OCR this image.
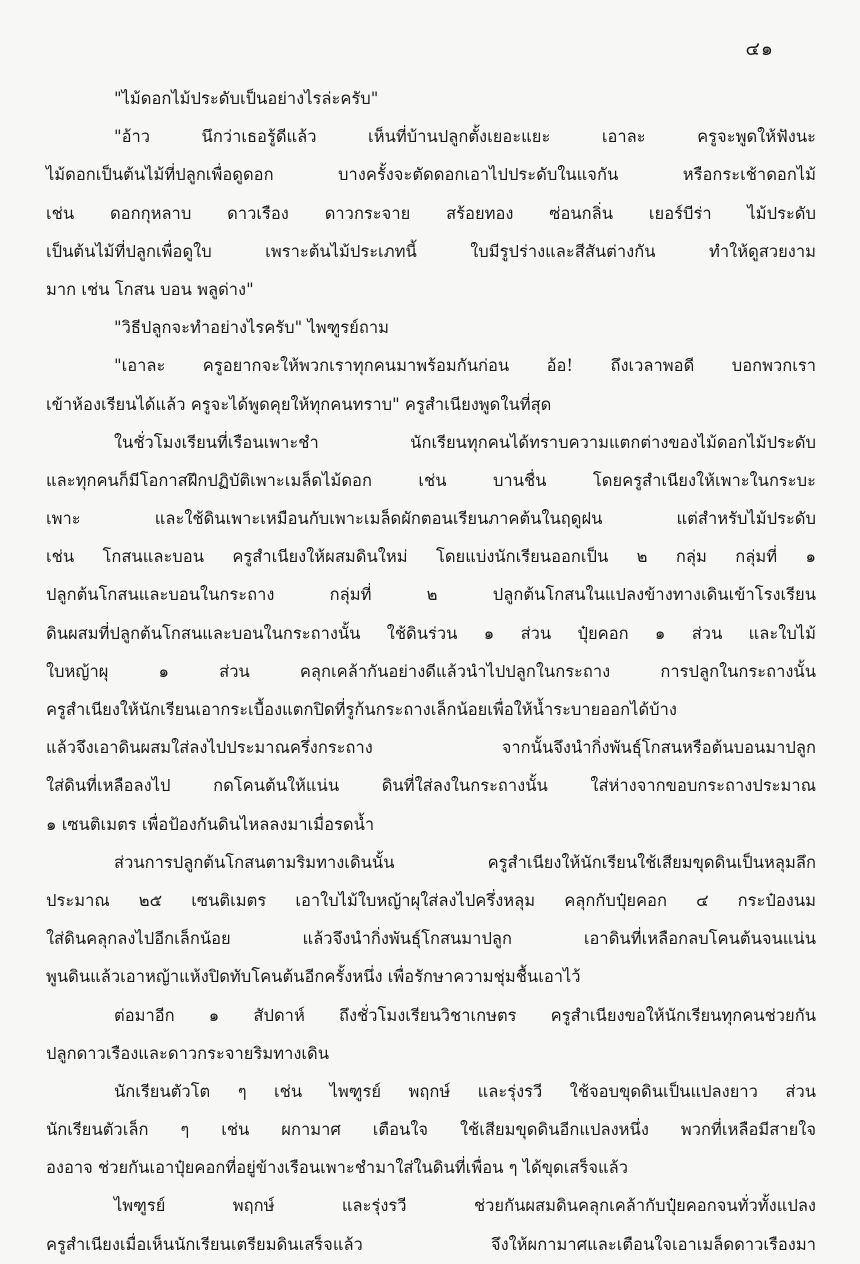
๔๑
"ไม้ดอกไม้ประดับเป็นอย่างไรล่ะครับ"
"อ้าว นึกว่าเธอรู้ดีแล้ว เห็นที่บ้านปลูกตั้งเยอะแยะ เอาละ ครูจะพูดให้ฟังนะ
ไม้ดอกเป็นต้นไม้ที่ปลูกเพื่อดูดอก บางครั้งจะตัดดอกเอาไปประดับในแจกัน หรือกระเช้าดอกไม้
เช่น ดอกกุหลาบ ดาวเรือง ดาวกระจาย สร้อยทอง ซ่อนกลิ่น เยอร์บีร่า ไม้ประดับ
เป็นต้นไม้ที่ปลูกเพื่อดูใบ เพราะต้นไม้ประเภทนี้ ใบมีรูปร่างและสีสันต่างกัน ทำให้ดูสวยงาม
มาก เช่น โกสน บอน พลูด่าง"
"วิธีปลูกจะทำอย่างไรครับ" ไพฑูรย์ถาม
"เอาละ ครูอยากจะให้พวกเราทุกคนมาพร้อมกันก่อน อ้อ! ถึงเวลาพอดี บอกพวกเรา
เข้าห้องเรียนได้แล้ว ครูจะได้พูดคุยให้ทุกคนทราบ" ครูสำเนียงพูดในที่สุด
ในชั่วโมงเรียนที่เรือนเพาะชำ นักเรียนทุกคนได้ทราบความแตกต่างของไม้ดอกไม้ประดับ
และทุกคนก็มีโอกาสฝึกปฏิบัติเพาะเมล็ดไม้ดอก เช่น บานชื่น โดยครูสำเนียงให้เพาะในกระบะ
เพาะ และใช้ดินเพาะเหมือนกับเพาะเมล็ดผักตอนเรียนภาคต้นในฤดูฝน แต่สำหรับไม้ประดับ
เช่น โกสนและบอน ครูสำเนียงให้ผสมดินใหม่ โดยแบ่งนักเรียนออกเป็น ๒ กลุ่ม กลุ่มที่ ๑
ปลูกต้นโกสนและบอนในกระถาง กลุ่มที่ ๒ ปลูกต้นโกสนในแปลงข้างทางเดินเข้าโรงเรียน
ดินผสมที่ปลูกต้นโกสนและบอนในกระถางนั้น ใช้ดินร่วน ๑ ส่วน ปุ๋ยคอก ๑ ส่วน และใบไม้
ใบหญ้าผุ ๑ ส่วน คลุกเคล้ากันอย่างดีแล้วนำไปปลูกในกระถาง การปลูกในกระถางนั้น
ครูสำเนียงให้นักเรียนเอากระเบื้องแตกปิดที่รูก้นกระถางเล็กน้อยเพื่อให้น้ำระบายออกได้บ้าง
แล้วจึงเอาดินผสมใส่ลงไปประมาณครึ่งกระถาง จากนั้นจึงนำกิ่งพันธุ์โกสนหรือต้นบอนมาปลูก
ใส่ดินที่เหลือลงไป กดโคนต้นให้แน่น ดินที่ใส่ลงในกระถางนั้น ใส่ห่างจากขอบกระถางประมาณ
๑ เซนติเมตร เพื่อป้องกันดินไหลลงมาเมื่อรดน้ำ
ส่วนการปลูกต้นโกสนตามริมทางเดินนั้น ครูสำเนียงให้นักเรียนใช้เสียมขุดดินเป็นหลุมลึก
ประมาณ ๒๕ เซนติเมตร เอาใบไม้ใบหญ้าผุใส่ลงไปครึ่งหลุม คลุกกับปุ๋ยคอก ๔ กระป๋องนม
ใส่ดินคลุกลงไปอีกเล็กน้อย แล้วจึงนำกิ่งพันธุ์โกสนมาปลูก เอาดินที่เหลือกลบโคนต้นจนแน่น
พูนดินแล้วเอาหญ้าแห้งปิดทับโคนต้นอีกครั้งหนึ่ง เพื่อรักษาความชุ่มชื้นเอาไว้
ต่อมาอีก ๑ สัปดาห์ ถึงชั่วโมงเรียนวิชาเกษตร ครูสำเนียงขอให้นักเรียนทุกคนช่วยกัน
ปลูกดาวเรืองและดาวกระจายริมทางเดิน
นักเรียนตัวโต ๆ เช่น ไพฑูรย์ พฤกษ์ และรุ่งรวี ใช้จอบขุดดินเป็นแปลงยาว ส่วน
นักเรียนตัวเล็ก ๆ เช่น ผกามาศ เตือนใจ ใช้เสียมขุดดินอีกแปลงหนึ่ง พวกที่เหลือมีสายใจ
องอาจ ช่วยกันเอาปุ๋ยคอกที่อยู่ข้างเรือนเพาะชำมาใส่ในดินที่เพื่อน ๆ ได้ขุดเสร็จแล้ว
ไพฑูรย์ พฤกษ์ และรุ่งรวี ช่วยกันผสมดินคลุกเคล้ากับปุ๋ยคอกจนทั่วทั้งแปลง
ครูสำเนียงเมื่อเห็นนักเรียนเตรียมดินเสร็จแล้ว จึงให้ผกามาศและเตือนใจเอาเมล็ดดาวเรืองมา
